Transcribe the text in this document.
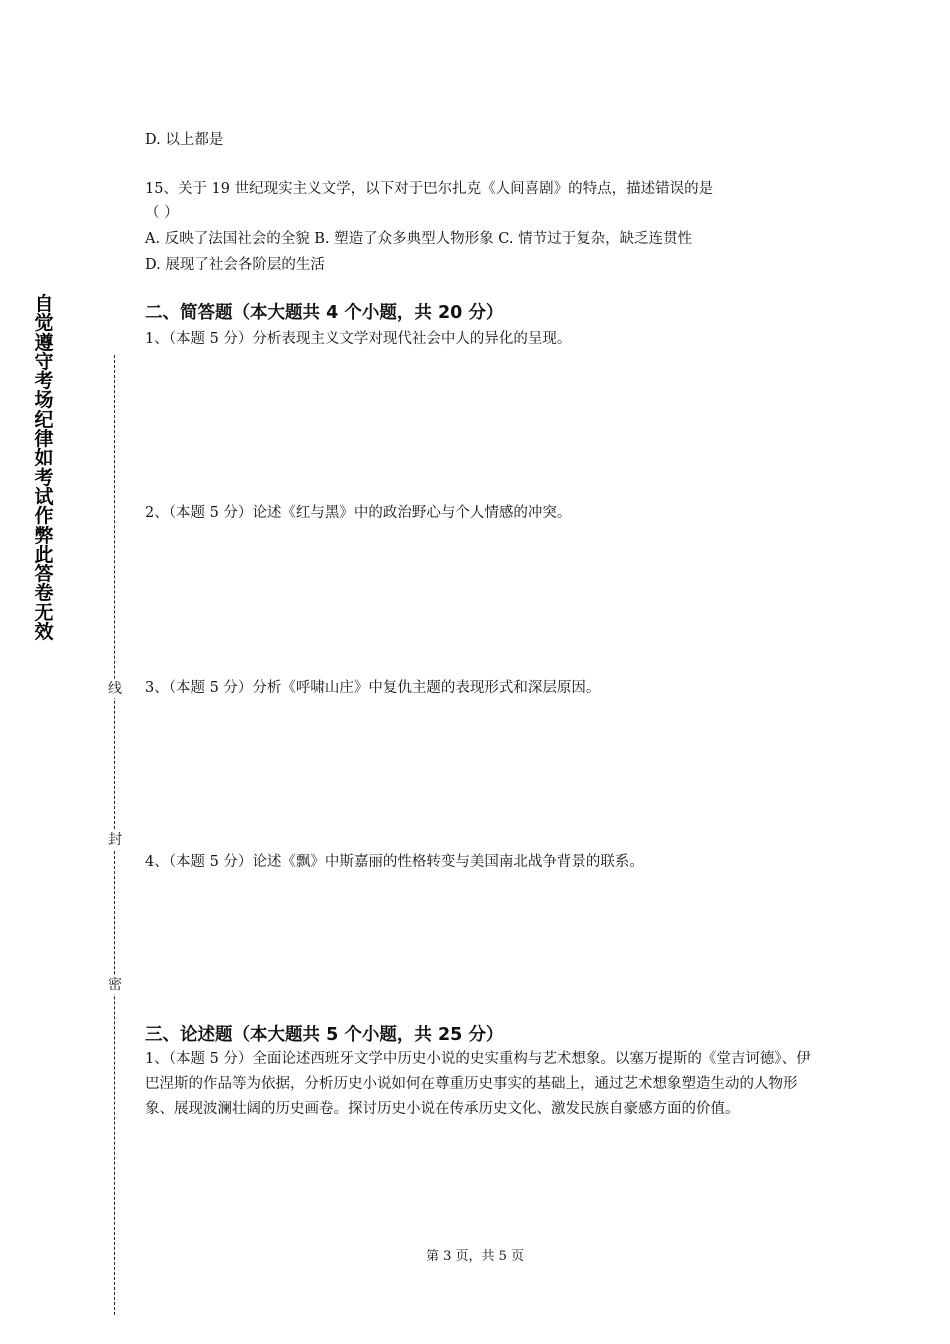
自觉遵守考场纪律如考试作弊此答卷无效
线
封
密
D. 以上都是
15、关于 19 世纪现实主义文学，以下对于巴尔扎克《人间喜剧》的特点，描述错误的是
（ ）
A. 反映了法国社会的全貌 B. 塑造了众多典型人物形象 C. 情节过于复杂，缺乏连贯性
D. 展现了社会各阶层的生活
二、简答题（本大题共 4 个小题，共 20 分）
1、（本题 5 分）分析表现主义文学对现代社会中人的异化的呈现。
2、（本题 5 分）论述《红与黑》中的政治野心与个人情感的冲突。
3、（本题 5 分）分析《呼啸山庄》中复仇主题的表现形式和深层原因。
4、（本题 5 分）论述《飘》中斯嘉丽的性格转变与美国南北战争背景的联系。
三、论述题（本大题共 5 个小题，共 25 分）
1、（本题 5 分）全面论述西班牙文学中历史小说的史实重构与艺术想象。以塞万提斯的《堂吉诃德》、伊巴涅斯的作品等为依据，分析历史小说如何在尊重历史事实的基础上，通过艺术想象塑造生动的人物形象、展现波澜壮阔的历史画卷。探讨历史小说在传承历史文化、激发民族自豪感方面的价值。
第 3 页，共 5 页
